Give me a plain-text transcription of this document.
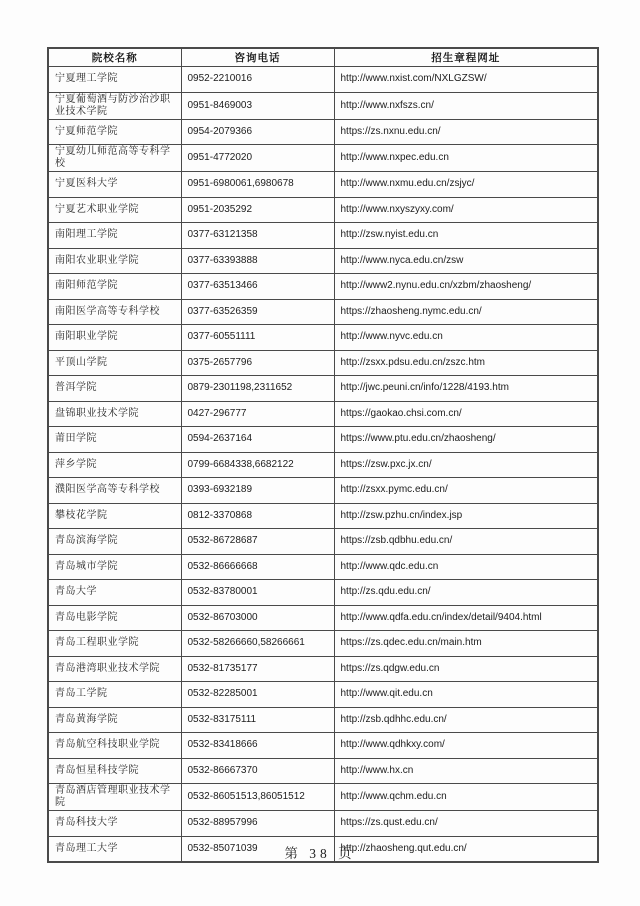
院校名称	咨询电话	招生章程网址
宁夏理工学院	0952-2210016	http://www.nxist.com/NXLGZSW/
宁夏葡萄酒与防沙治沙职业技术学院	0951-8469003	http://www.nxfszs.cn/
宁夏师范学院	0954-2079366	https://zs.nxnu.edu.cn/
宁夏幼儿师范高等专科学校	0951-4772020	http://www.nxpec.edu.cn
宁夏医科大学	0951-6980061,6980678	http://www.nxmu.edu.cn/zsjyc/
宁夏艺术职业学院	0951-2035292	http://www.nxyszyxy.com/
南阳理工学院	0377-63121358	http://zsw.nyist.edu.cn
南阳农业职业学院	0377-63393888	http://www.nyca.edu.cn/zsw
南阳师范学院	0377-63513466	http://www2.nynu.edu.cn/xzbm/zhaosheng/
南阳医学高等专科学校	0377-63526359	https://zhaosheng.nymc.edu.cn/
南阳职业学院	0377-60551111	http://www.nyvc.edu.cn
平顶山学院	0375-2657796	http://zsxx.pdsu.edu.cn/zszc.htm
普洱学院	0879-2301198,2311652	http://jwc.peuni.cn/info/1228/4193.htm
盘锦职业技术学院	0427-296777	https://gaokao.chsi.com.cn/
莆田学院	0594-2637164	https://www.ptu.edu.cn/zhaosheng/
萍乡学院	0799-6684338,6682122	https://zsw.pxc.jx.cn/
濮阳医学高等专科学校	0393-6932189	http://zsxx.pymc.edu.cn/
攀枝花学院	0812-3370868	http://zsw.pzhu.cn/index.jsp
青岛滨海学院	0532-86728687	https://zsb.qdbhu.edu.cn/
青岛城市学院	0532-86666668	http://www.qdc.edu.cn
青岛大学	0532-83780001	http://zs.qdu.edu.cn/
青岛电影学院	0532-86703000	http://www.qdfa.edu.cn/index/detail/9404.html
青岛工程职业学院	0532-58266660,58266661	https://zs.qdec.edu.cn/main.htm
青岛港湾职业技术学院	0532-81735177	https://zs.qdgw.edu.cn
青岛工学院	0532-82285001	http://www.qit.edu.cn
青岛黄海学院	0532-83175111	http://zsb.qdhhc.edu.cn/
青岛航空科技职业学院	0532-83418666	http://www.qdhkxy.com/
青岛恒星科技学院	0532-86667370	http://www.hx.cn
青岛酒店管理职业技术学院	0532-86051513,86051512	http://www.qchm.edu.cn
青岛科技大学	0532-88957996	https://zs.qust.edu.cn/
青岛理工大学	0532-85071039	http://zhaosheng.qut.edu.cn/
第 38 页
